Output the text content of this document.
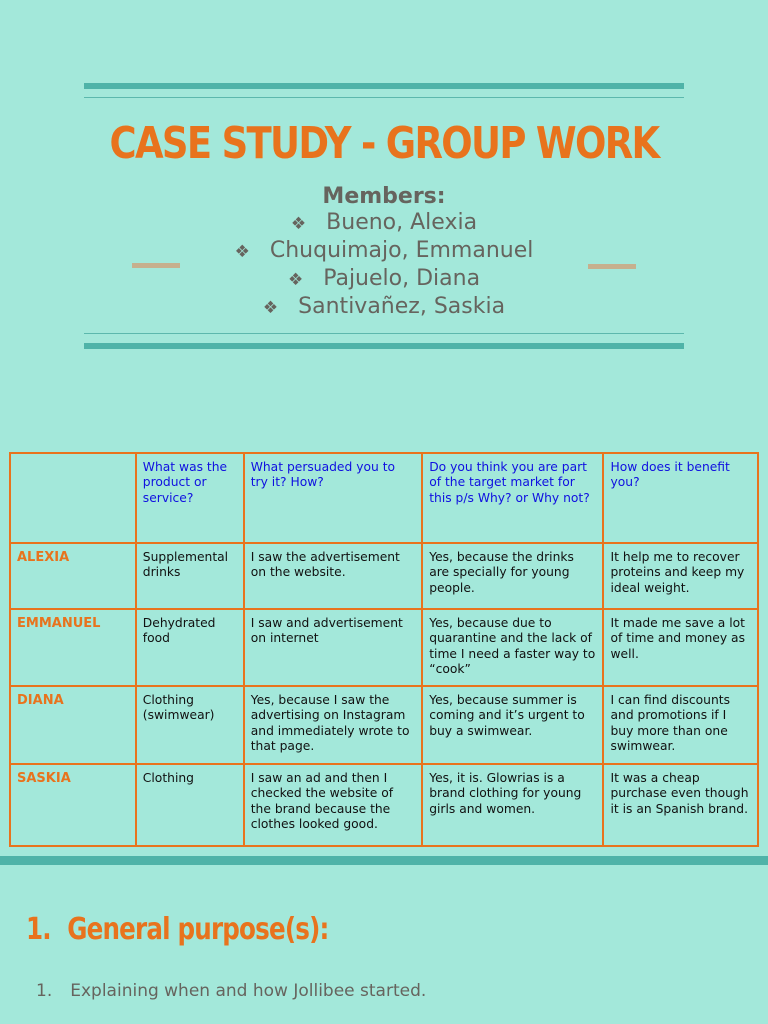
CASE STUDY - GROUP WORK
Members:
❖ Bueno, Alexia
❖ Chuquimajo, Emmanuel
❖ Pajuelo, Diana
❖ Santivañez, Saskia
	What was the product or service?	What persuaded you to try it? How?	Do you think you are part of the target market for this p/s Why? or Why not?	How does it benefit you?
ALEXIA	Supplemental drinks	I saw the advertisement on the website.	Yes, because the drinks are specially for young people.	It help me to recover proteins and keep my ideal weight.
EMMANUEL	Dehydrated food	I saw and advertisement on internet	Yes, because due to quarantine and the lack of time I need a faster way to “cook”	It made me save a lot of time and money as well.
DIANA	Clothing (swimwear)	Yes, because I saw the advertising on Instagram and immediately wrote to that page.	Yes, because summer is coming and it’s urgent to buy a swimwear.	I can find discounts and promotions if I buy more than one swimwear.
SASKIA	Clothing	I saw an ad and then I checked the website of the brand because the clothes looked good.	Yes, it is. Glowrias is a brand clothing for young girls and women.	It was a cheap purchase even though it is an Spanish brand.
1. General purpose(s):
1. Explaining when and how Jollibee started.
